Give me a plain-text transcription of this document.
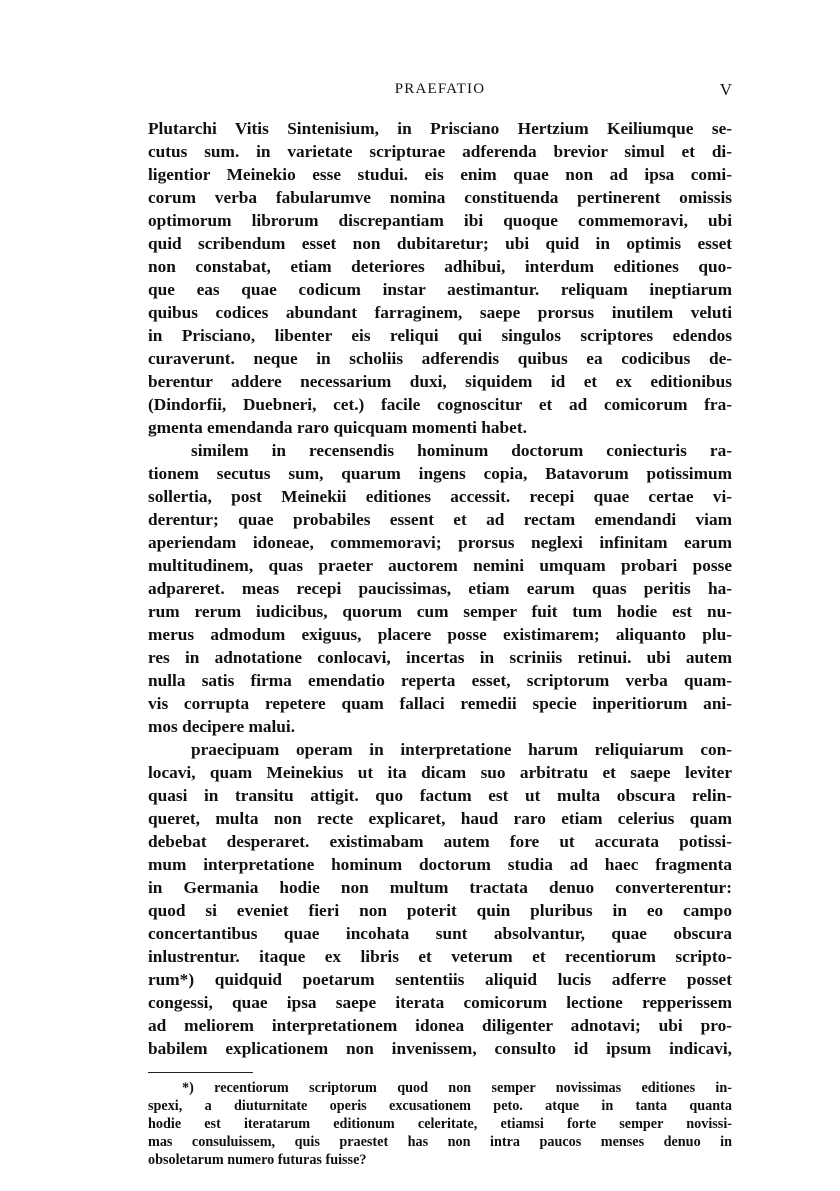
PRAEFATIO	V
Plutarchi Vitis Sintenisium, in Prisciano Hertzium Keiliumque se-
cutus sum. in varietate scripturae adferenda brevior simul et di-
ligentior Meinekio esse studui. eis enim quae non ad ipsa comi-
corum verba fabularumve nomina constituenda pertinerent omissis
optimorum librorum discrepantiam ibi quoque commemoravi, ubi
quid scribendum esset non dubitaretur; ubi quid in optimis esset
non constabat, etiam deteriores adhibui, interdum editiones quo-
que eas quae codicum instar aestimantur. reliquam ineptiarum
quibus codices abundant farraginem, saepe prorsus inutilem veluti
in Prisciano, libenter eis reliqui qui singulos scriptores edendos
curaverunt. neque in scholiis adferendis quibus ea codicibus de-
berentur addere necessarium duxi, siquidem id et ex editionibus
(Dindorfii, Duebneri, cet.) facile cognoscitur et ad comicorum fra-
gmenta emendanda raro quicquam momenti habet.
similem in recensendis hominum doctorum coniecturis ra-
tionem secutus sum, quarum ingens copia, Batavorum potissimum
sollertia, post Meinekii editiones accessit. recepi quae certae vi-
derentur; quae probabiles essent et ad rectam emendandi viam
aperiendam idoneae, commemoravi; prorsus neglexi infinitam earum
multitudinem, quas praeter auctorem nemini umquam probari posse
adpareret. meas recepi paucissimas, etiam earum quas peritis ha-
rum rerum iudicibus, quorum cum semper fuit tum hodie est nu-
merus admodum exiguus, placere posse existimarem; aliquanto plu-
res in adnotatione conlocavi, incertas in scriniis retinui. ubi autem
nulla satis firma emendatio reperta esset, scriptorum verba quam-
vis corrupta repetere quam fallaci remedii specie inperitiorum ani-
mos decipere malui.
praecipuam operam in interpretatione harum reliquiarum con-
locavi, quam Meinekius ut ita dicam suo arbitratu et saepe leviter
quasi in transitu attigit. quo factum est ut multa obscura relin-
queret, multa non recte explicaret, haud raro etiam celerius quam
debebat desperaret. existimabam autem fore ut accurata potissi-
mum interpretatione hominum doctorum studia ad haec fragmenta
in Germania hodie non multum tractata denuo converterentur:
quod si eveniet fieri non poterit quin pluribus in eo campo
concertantibus quae incohata sunt absolvantur, quae obscura
inlustrentur. itaque ex libris et veterum et recentiorum scripto-
rum*) quidquid poetarum sententiis aliquid lucis adferre posset
congessi, quae ipsa saepe iterata comicorum lectione repperissem
ad meliorem interpretationem idonea diligenter adnotavi; ubi pro-
babilem explicationem non invenissem, consulto id ipsum indicavi,
*) recentiorum scriptorum quod non semper novissimas editiones in-
spexi, a diuturnitate operis excusationem peto. atque in tanta quanta
hodie est iteratarum editionum celeritate, etiamsi forte semper novissi-
mas consuluissem, quis praestet has non intra paucos menses denuo in
obsoletarum numero futuras fuisse?
